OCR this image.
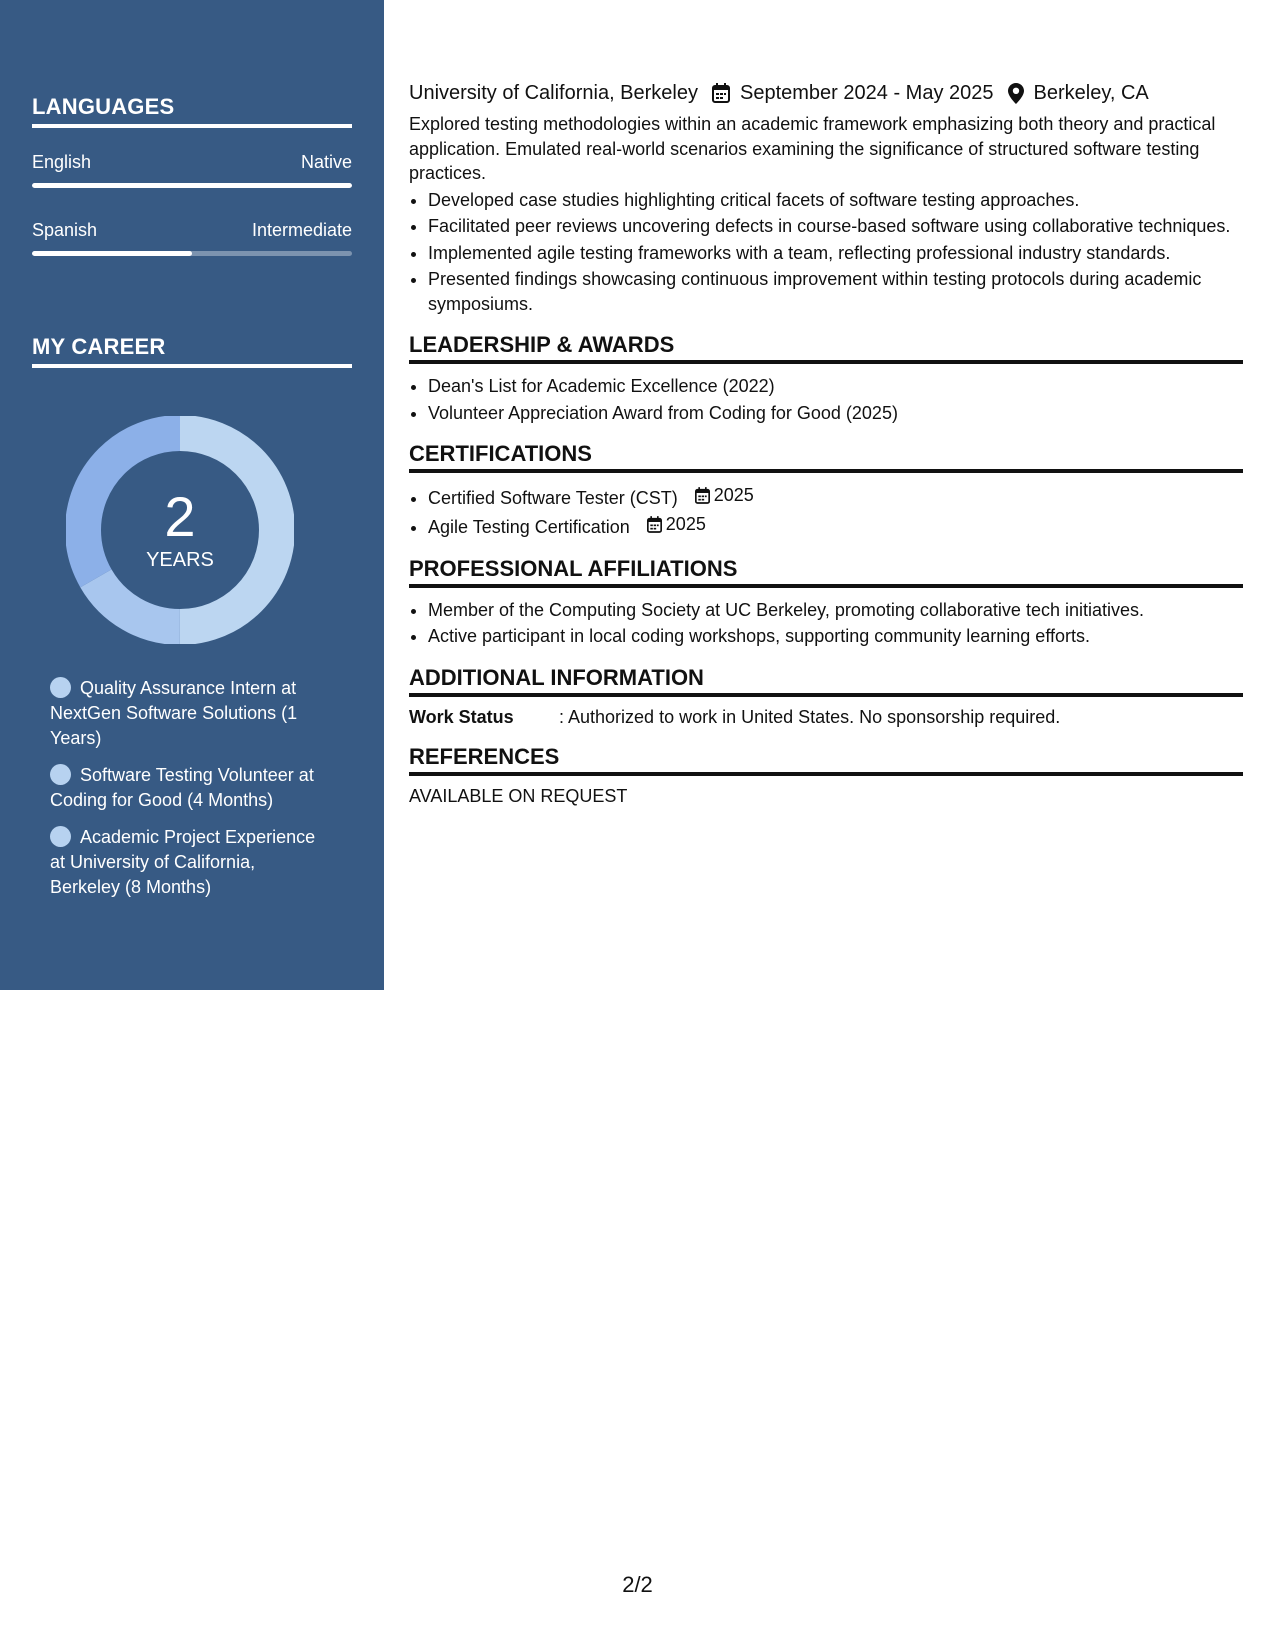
LANGUAGES
English	Native
Spanish	Intermediate
MY CAREER
2
YEARS
Quality Assurance Intern at NextGen Software Solutions (1 Years)
Software Testing Volunteer at Coding for Good (4 Months)
Academic Project Experience at University of California, Berkeley (8 Months)
University of California, Berkeley September 2024 - May 2025 Berkeley, CA

Explored testing methodologies within an academic framework emphasizing both theory and practical application. Emulated real-world scenarios examining the significance of structured software testing practices.

• Developed case studies highlighting critical facets of software testing approaches.
• Facilitated peer reviews uncovering defects in course-based software using collaborative techniques.
• Implemented agile testing frameworks with a team, reflecting professional industry standards.
• Presented findings showcasing continuous improvement within testing protocols during academic symposiums.
LEADERSHIP & AWARDS
• Dean's List for Academic Excellence (2022)
• Volunteer Appreciation Award from Coding for Good (2025)
CERTIFICATIONS
• Certified Software Tester (CST) 2025
• Agile Testing Certification 2025
PROFESSIONAL AFFILIATIONS
• Member of the Computing Society at UC Berkeley, promoting collaborative tech initiatives.
• Active participant in local coding workshops, supporting community learning efforts.
ADDITIONAL INFORMATION
Work Status	: Authorized to work in United States. No sponsorship required.
REFERENCES
AVAILABLE ON REQUEST
2/2
